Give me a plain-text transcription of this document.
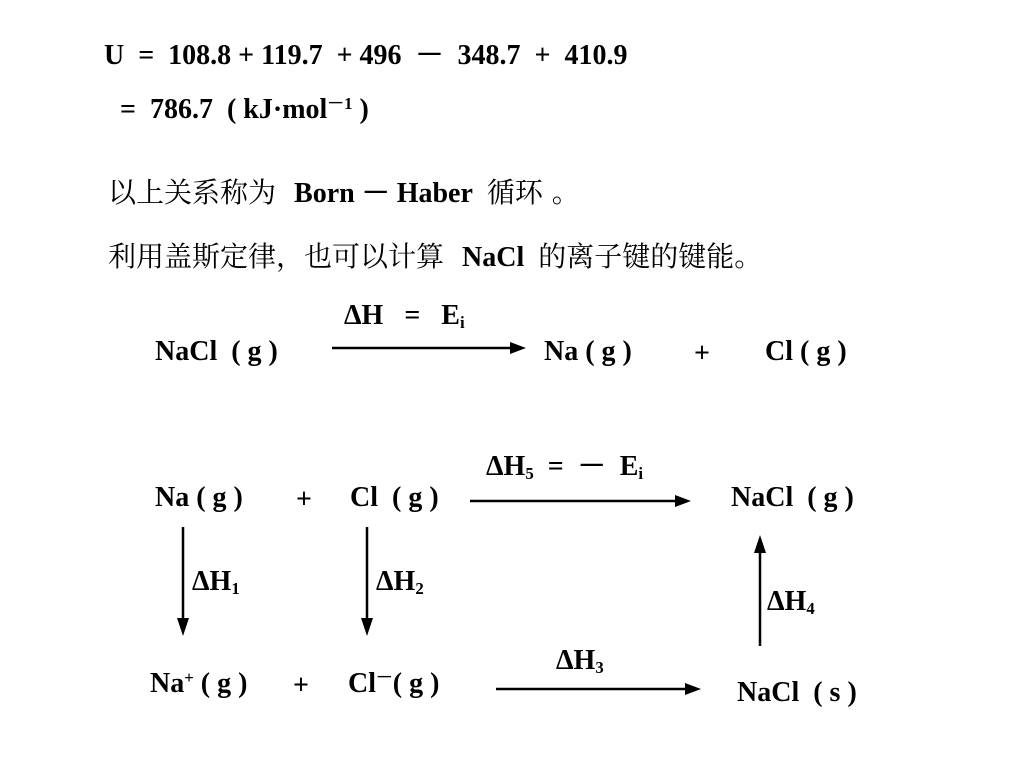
U  =  108.8 + 119.7  + 496  －  348.7  +  410.9
=  786.7  ( kJ·mol$^{-1}$ )

以上关系称为 Born － Haber 循环 。

利用盖斯定律，也可以计算 NaCl 的离子键的键能。

$\Delta H = E_i$
NaCl  ( g )	Na ( g ) + Cl ( g )
$\Delta H_5$  =  －  $E_i$
Na ( g ) + Cl  ( g )	NaCl  ( g )
$\Delta H_1$	$\Delta H_2$	$\Delta H_4$
$\Delta H_3$
Na+ ( g ) + Cl－( g )	NaCl  ( s )
